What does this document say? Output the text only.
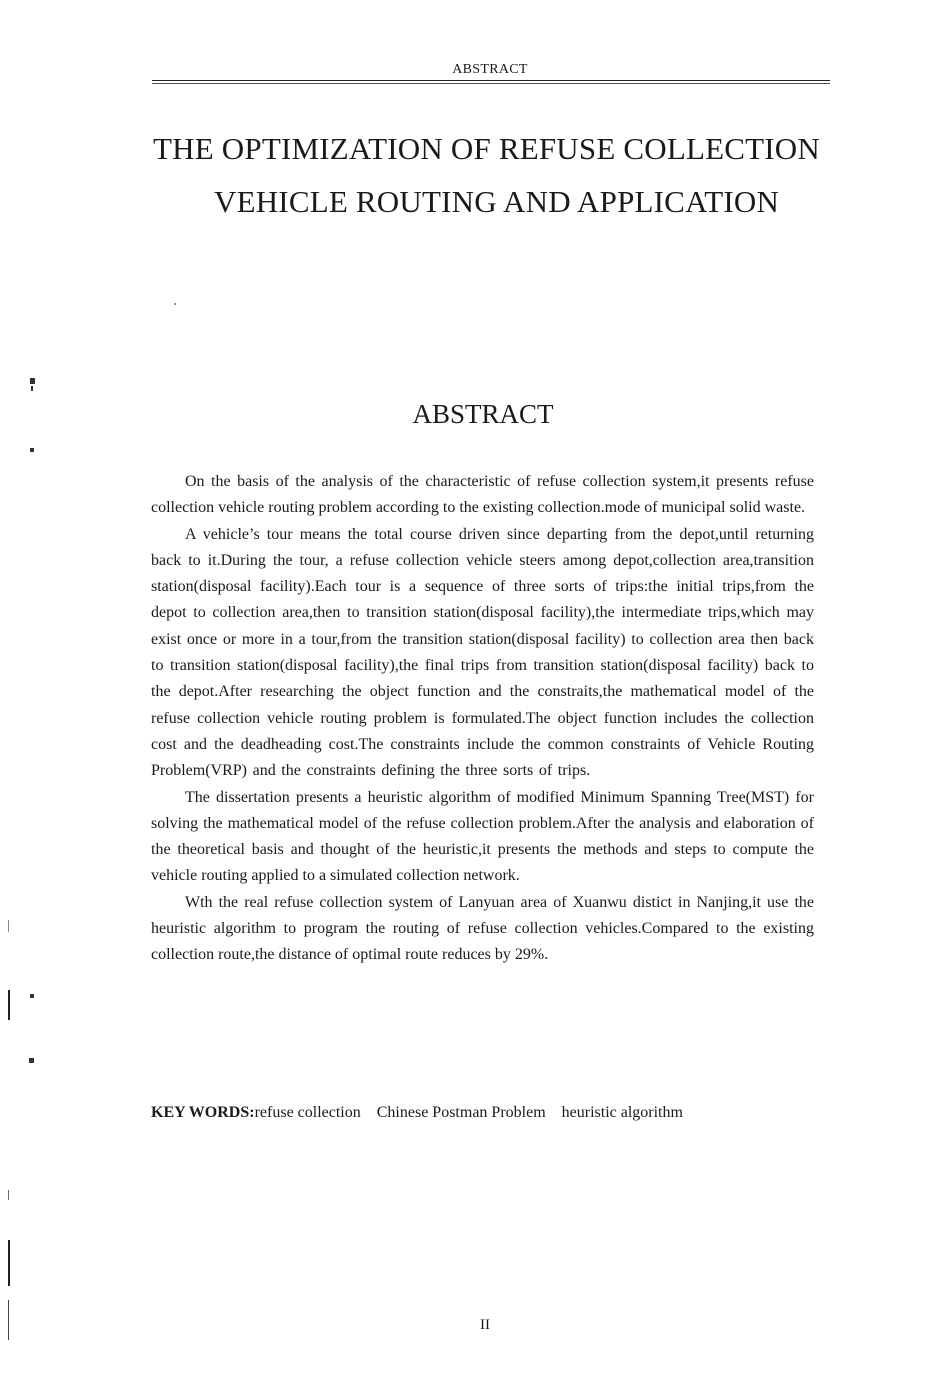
ABSTRACT
THE OPTIMIZATION OF REFUSE COLLECTION
VEHICLE ROUTING AND APPLICATION
ABSTRACT

On the basis of the analysis of the characteristic of refuse collection system,it presents refuse collection vehicle routing problem according to the existing collection.mode of municipal solid waste.

A vehicle’s tour means the total course driven since departing from the depot,until returning back to it.During the tour, a refuse collection vehicle steers among depot,collection area,transition station(disposal facility).Each tour is a sequence of three sorts of trips:the initial trips,from the depot to collection area,then to transition station(disposal facility),the intermediate trips,which may exist once or more in a tour,from the transition station(disposal facility) to collection area then back to transition station(disposal facility),the final trips from transition station(disposal facility) back to the depot.After researching the object function and the constraits,the mathematical model of the refuse collection vehicle routing problem is formulated.The object function includes the collection cost and the deadheading cost.The constraints include the common constraints of Vehicle Routing Problem(VRP) and the constraints defining the three sorts of trips.

The dissertation presents a heuristic algorithm of modified Minimum Spanning Tree(MST) for solving the mathematical model of the refuse collection problem.After the analysis and elaboration of the theoretical basis and thought of the heuristic,it presents the methods and steps to compute the vehicle routing applied to a simulated collection network.

Wth the real refuse collection system of Lanyuan area of Xuanwu distict in Nanjing,it use the heuristic algorithm to program the routing of refuse collection vehicles.Compared to the existing collection route,the distance of optimal route reduces by 29%.

KEY WORDS:refuse collection Chinese Postman Problem heuristic algorithm
II
